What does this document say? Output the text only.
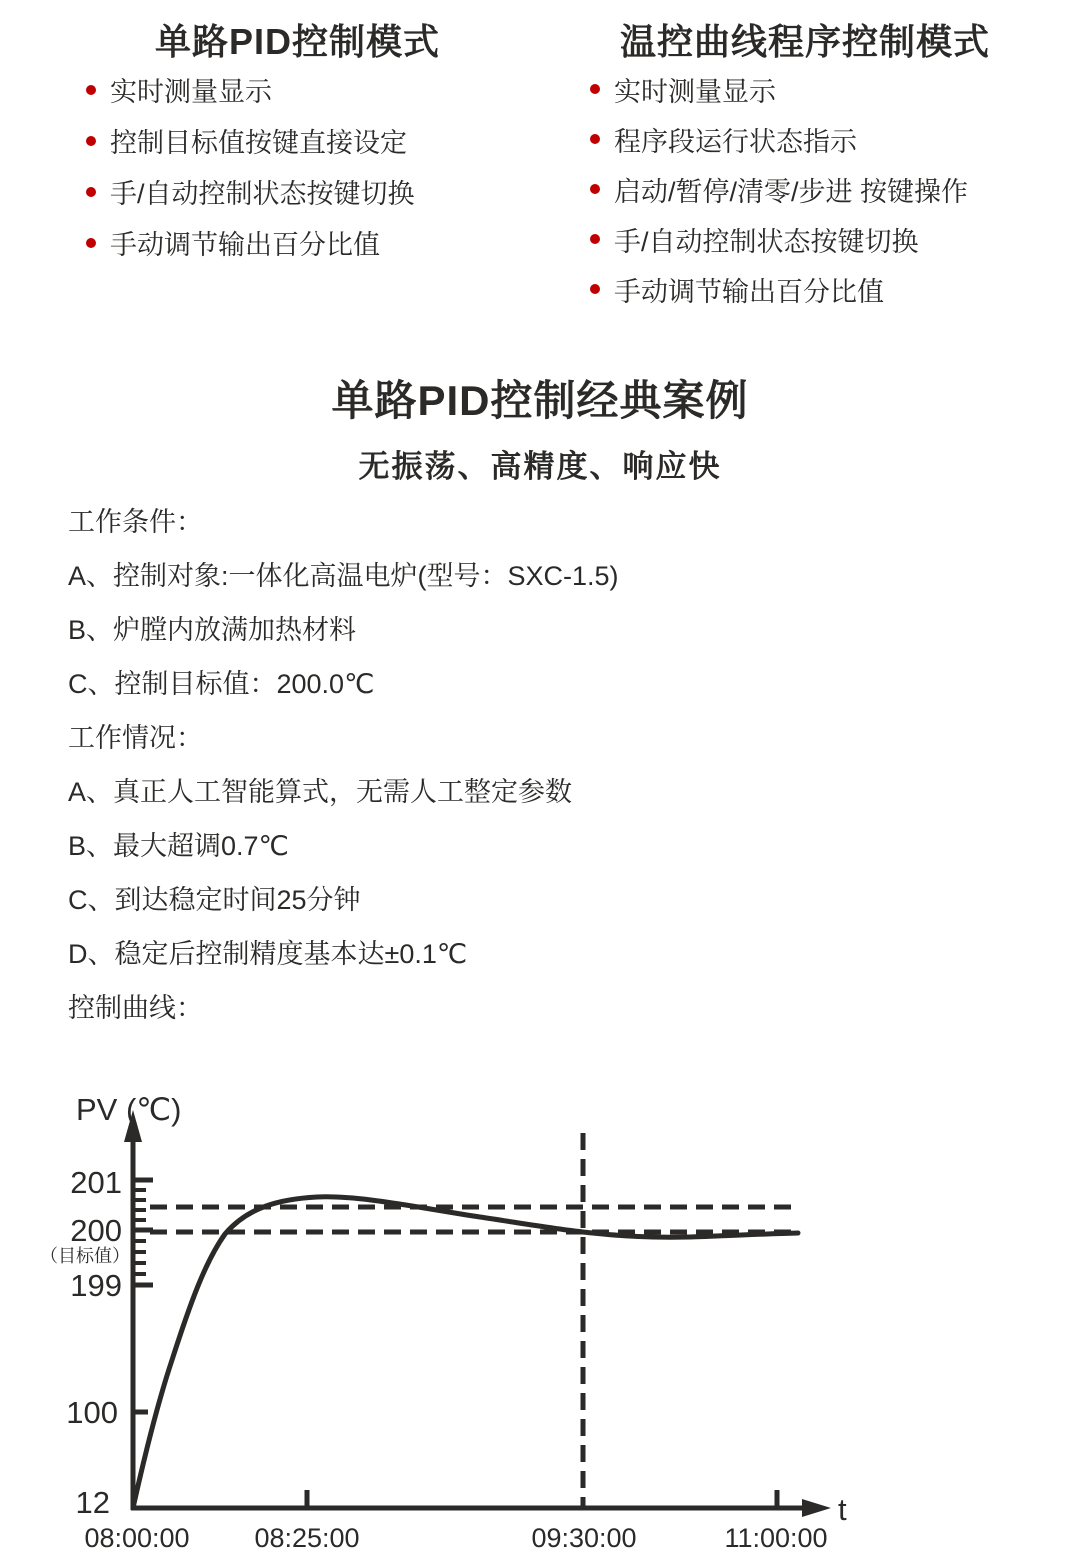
单路PID控制模式	温控曲线程序控制模式
实时测量显示
控制目标值按键直接设定
手/自动控制状态按键切换
手动调节输出百分比值
实时测量显示
程序段运行状态指示
启动/暂停/清零/步进 按键操作
手/自动控制状态按键切换
手动调节输出百分比值
单路PID控制经典案例
无振荡、高精度、响应快

工作条件：

A、控制对象:一体化高温电炉(型号：SXC-1.5)

B、炉膛内放满加热材料

C、控制目标值：200.0℃

工作情况：

A、真正人工智能算式，无需人工整定参数

B、最大超调0.7℃

C、到达稳定时间25分钟

D、稳定后控制精度基本达±0.1℃

控制曲线：

PV (℃)
201
200
（目标值）
199
100
12
08:00:00 08:25:00	09:30:00	11:00:00
t
